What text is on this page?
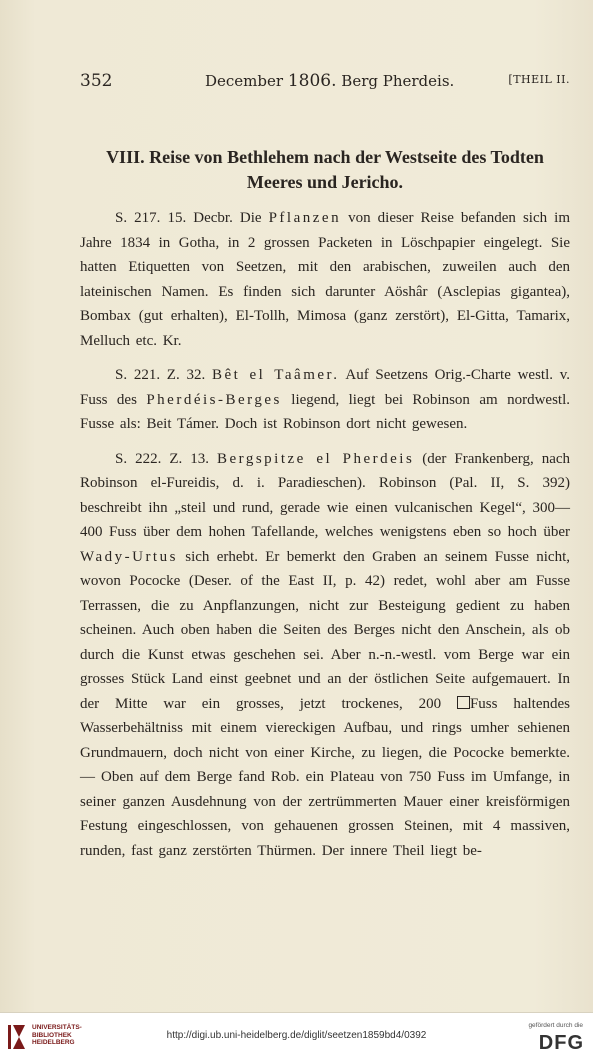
352	December 1806. Berg Pherdeis.	[THEIL II.
VIII. Reise von Bethlehem nach der Westseite des Todten
Meeres und Jericho.

S. 217. 15. Decbr. Die Pflanzen von dieser Reise befanden sich im Jahre 1834 in Gotha, in 2 grossen Packeten in Löschpapier eingelegt. Sie hatten Etiquetten von Seetzen, mit den arabischen, zuweilen auch den lateinischen Namen. Es finden sich darunter Aöshâr (Asclepias gigantea), Bombax (gut erhalten), El-Tollh, Mimosa (ganz zerstört), El-Gitta, Tamarix, Melluch etc. Kr.

S. 221. Z. 32. Bêt el Taâmer. Auf Seetzens Orig.-Charte westl. v. Fuss des Pherdéis-Berges liegend, liegt bei Robinson am nordwestl. Fusse als: Beit Támer. Doch ist Robinson dort nicht gewesen.

S. 222. Z. 13. Bergspitze el Pherdeis (der Frankenberg, nach Robinson el-Fureidis, d. i. Paradieschen). Robinson (Pal. II, S. 392) beschreibt ihn „steil und rund, gerade wie einen vulcanischen Kegel“, 300—400 Fuss über dem hohen Tafellande, welches wenigstens eben so hoch über Wady-Urtus sich erhebt. Er bemerkt den Graben an seinem Fusse nicht, wovon Pococke (Deser. of the East II, p. 42) redet, wohl aber am Fusse Terrassen, die zu Anpflanzungen, nicht zur Besteigung gedient zu haben scheinen. Auch oben haben die Seiten des Berges nicht den Anschein, als ob durch die Kunst etwas geschehen sei. Aber n.-n.-westl. vom Berge war ein grosses Stück Land einst geebnet und an der östlichen Seite aufgemauert. In der Mitte war ein grosses, jetzt trockenes, 200 Fuss haltendes Wasserbehältniss mit einem viereckigen Aufbau, und rings umher sehienen Grundmauern, doch nicht von einer Kirche, zu liegen, die Pococke bemerkte. — Oben auf dem Berge fand Rob. ein Plateau von 750 Fuss im Umfange, in seiner ganzen Ausdehnung von der zertrümmerten Mauer einer kreisförmigen Festung eingeschlossen, von gehauenen grossen Steinen, mit 4 massiven, runden, fast ganz zerstörten Thürmen. Der innere Theil liegt be-

UNIVERSITÄTS-
BIBLIOTHEK
HEIDELBERG
http://digi.ub.uni-heidelberg.de/diglit/seetzen1859bd4/0392
gefördert durch die
DFG
